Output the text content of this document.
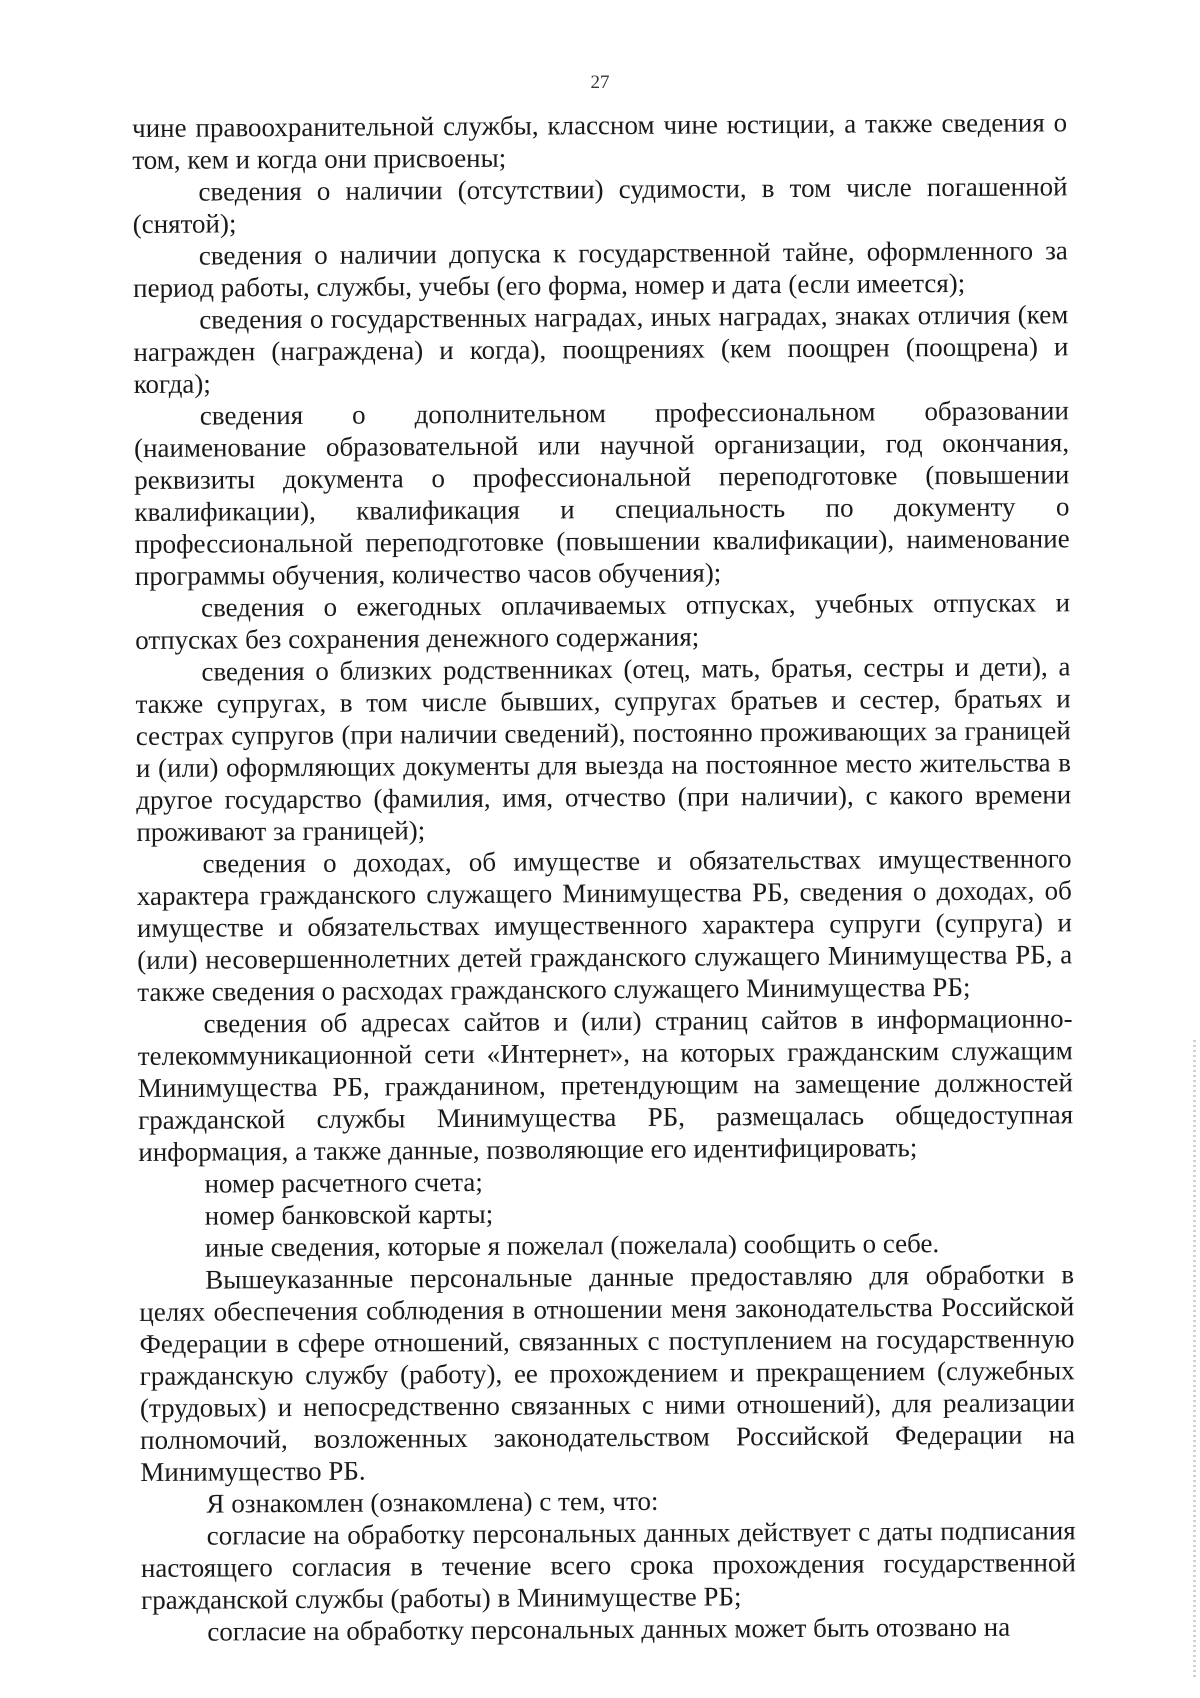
27

чине правоохранительной службы, классном чине юстиции, а также сведения о том, кем и когда они присвоены;

сведения о наличии (отсутствии) судимости, в том числе погашенной (снятой);

сведения о наличии допуска к государственной тайне, оформленного за период работы, службы, учебы (его форма, номер и дата (если имеется);

сведения о государственных наградах, иных наградах, знаках отличия (кем награжден (награждена) и когда), поощрениях (кем поощрен (поощрена) и когда);

сведения о дополнительном профессиональном образовании (наименование образовательной или научной организации, год окончания, реквизиты документа о профессиональной переподготовке (повышении квалификации), квалификация и специальность по документу о профессиональной переподготовке (повышении квалификации), наименование программы обучения, количество часов обучения);

сведения о ежегодных оплачиваемых отпусках, учебных отпусках и отпусках без сохранения денежного содержания;

сведения о близких родственниках (отец, мать, братья, сестры и дети), а также супругах, в том числе бывших, супругах братьев и сестер, братьях и сестрах супругов (при наличии сведений), постоянно проживающих за границей и (или) оформляющих документы для выезда на постоянное место жительства в другое государство (фамилия, имя, отчество (при наличии), с какого времени проживают за границей);

сведения о доходах, об имуществе и обязательствах имущественного характера гражданского служащего Минимущества РБ, сведения о доходах, об имуществе и обязательствах имущественного характера супруги (супруга) и (или) несовершеннолетних детей гражданского служащего Минимущества РБ, а также сведения о расходах гражданского служащего Минимущества РБ;

сведения об адресах сайтов и (или) страниц сайтов в информационно-телекоммуникационной сети «Интернет», на которых гражданским служащим Минимущества РБ, гражданином, претендующим на замещение должностей гражданской службы Минимущества РБ, размещалась общедоступная информация, а также данные, позволяющие его идентифицировать;

номер расчетного счета;

номер банковской карты;

иные сведения, которые я пожелал (пожелала) сообщить о себе.

Вышеуказанные персональные данные предоставляю для обработки в целях обеспечения соблюдения в отношении меня законодательства Российской Федерации в сфере отношений, связанных с поступлением на государственную гражданскую службу (работу), ее прохождением и прекращением (служебных (трудовых) и непосредственно связанных с ними отношений), для реализации полномочий, возложенных законодательством Российской Федерации на Минимущество РБ.

Я ознакомлен (ознакомлена) с тем, что:

согласие на обработку персональных данных действует с даты подписания настоящего согласия в течение всего срока прохождения государственной гражданской службы (работы) в Минимуществе РБ;

согласие на обработку персональных данных может быть отозвано на
